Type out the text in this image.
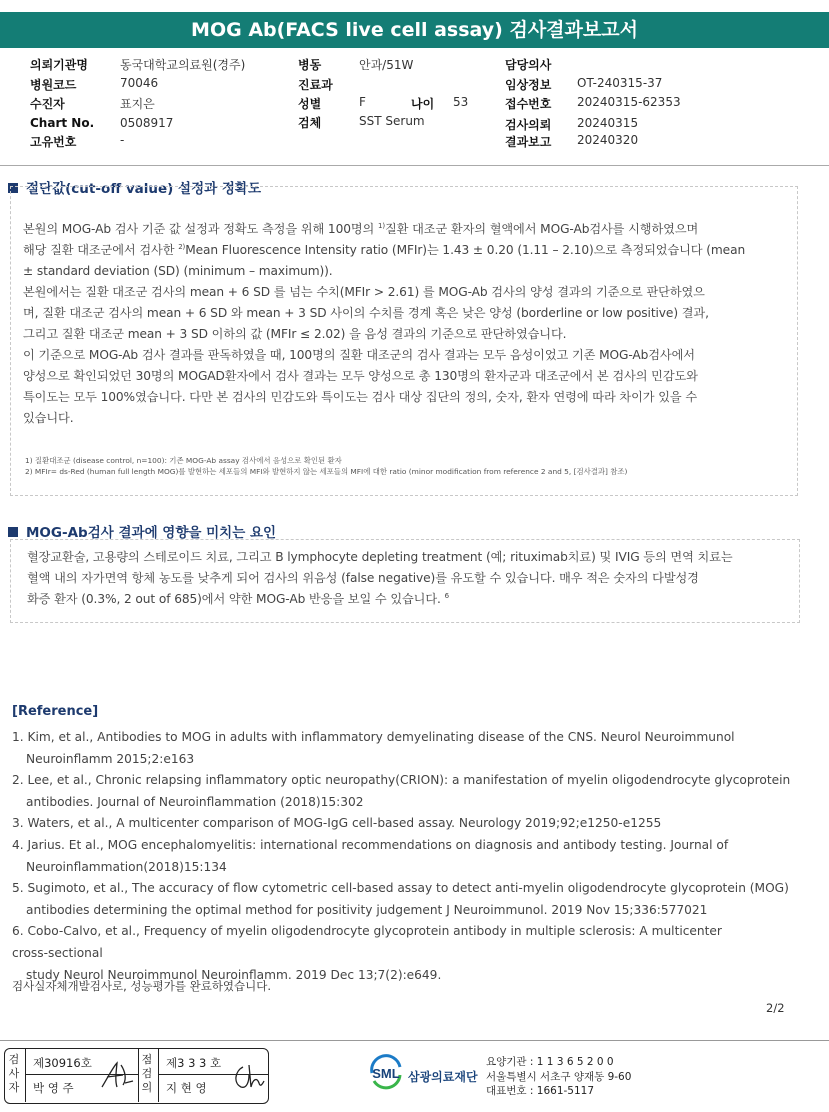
MOG Ab(FACS live cell assay) 검사결과보고서
의뢰기관명	동국대학교의료원(경주)
병원코드	70046
수진자	표지은
Chart No. 0508917
고유번호	-
병동	안과/51W
진료과
성별	F	나이 53
검체	SST Serum
담당의사
임상정보 OT-240315-37
접수번호 20240315-62353
검사의뢰 20240315
결과보고 20240320
절단값(cut-off value) 설정과 정확도

본원의 MOG-Ab 검사 기준 값 설정과 정확도 측정을 위해 100명의 $^{1)}$질환 대조군 환자의 혈액에서 MOG-Ab검사를 시행하였으며

해당 질환 대조군에서 검사한 $^{2)}$Mean Fluorescence Intensity ratio (MFIr)는 1.43 ± 0.20 (1.11 – 2.10)으로 측정되었습니다 (mean

± standard deviation (SD) (minimum – maximum)).

본원에서는 질환 대조군 검사의 mean + 6 SD 를 넘는 수치(MFIr > 2.61) 를 MOG-Ab 검사의 양성 결과의 기준으로 판단하였으

며, 질환 대조군 검사의 mean + 6 SD 와 mean + 3 SD 사이의 수치를 경계 혹은 낮은 양성 (borderline or low positive) 결과,

그리고 질환 대조군 mean + 3 SD 이하의 값 (MFIr ≤ 2.02) 을 음성 결과의 기준으로 판단하였습니다.

이 기준으로 MOG-Ab 검사 결과를 판독하였을 때, 100명의 질환 대조군의 검사 결과는 모두 음성이었고 기존 MOG-Ab검사에서

양성으로 확인되었던 30명의 MOGAD환자에서 검사 결과는 모두 양성으로 총 130명의 환자군과 대조군에서 본 검사의 민감도와

특이도는 모두 100%였습니다. 다만 본 검사의 민감도와 특이도는 검사 대상 집단의 정의, 숫자, 환자 연령에 따라 차이가 있을 수

있습니다.

1) 질환대조군 (disease control, n=100): 기존 MOG-Ab assay 검사에서 음성으로 확인된 환자
2) MFIr= ds-Red (human full length MOG)를 발현하는 세포들의 MFI와 발현하지 않는 세포들의 MFI에 대한 ratio (minor modification from reference 2 and 5, [검사결과] 참조)
MOG-Ab검사 결과에 영향을 미치는 요인

혈장교환술, 고용량의 스테로이드 치료, 그리고 B lymphocyte depleting treatment (예; rituximab치료) 및 IVIG 등의 면역 치료는

혈액 내의 자가면역 항체 농도를 낮추게 되어 검사의 위음성 (false negative)를 유도할 수 있습니다. 매우 적은 숫자의 다발성경

화증 환자 (0.3%, 2 out of 685)에서 약한 MOG-Ab 반응을 보일 수 있습니다. $^6$

[Reference]
1. Kim, et al., Antibodies to MOG in adults with inflammatory demyelinating disease of the CNS. Neurol Neuroimmunol
Neuroinflamm 2015;2:e163
2. Lee, et al., Chronic relapsing inflammatory optic neuropathy(CRION): a manifestation of myelin oligodendrocyte glycoprotein
antibodies. Journal of Neuroinflammation (2018)15:302
3. Waters, et al., A multicenter comparison of MOG-IgG cell-based assay. Neurology 2019;92;e1250-e1255
4. Jarius. Et al., MOG encephalomyelitis: international recommendations on diagnosis and antibody testing. Journal of
Neuroinflammation(2018)15:134
5. Sugimoto, et al., The accuracy of flow cytometric cell-based assay to detect anti-myelin oligodendrocyte glycoprotein (MOG)
antibodies determining the optimal method for positivity judgement J Neuroimmunol. 2019 Nov 15;336:577021
6. Cobo-Calvo, et al., Frequency of myelin oligodendrocyte glycoprotein antibody in multiple sclerosis: A multicenter
cross-sectional
study Neurol Neuroimmunol Neuroinflamm. 2019 Dec 13;7(2):e649.
검사실자체개발검사로, 성능평가를 완료하였습니다.
2/2
검
사
자
제30916호
박 영 주
점
검
의
제3 3 3 호
지 현 영
SML 삼광의료재단
요양기관 : 1 1 3 6 5 2 0 0
서울특별시 서초구 양재동 9-60
대표번호 : 1661-5117
